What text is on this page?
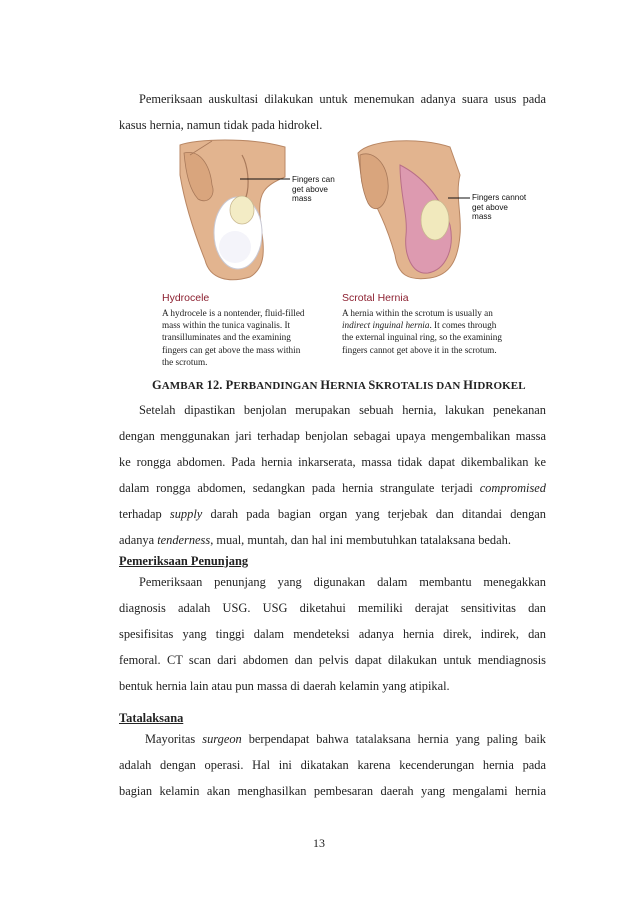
Pemeriksaan auskultasi dilakukan untuk menemukan adanya suara usus pada
kasus hernia, namun tidak pada hidrokel.
Fingers can
get above
mass	Fingers cannot
get above
mass
Hydrocele
A hydrocele is a nontender, fluid-filled
mass within the tunica vaginalis. It
transilluminates and the examining
fingers can get above the mass within
the scrotum.
Scrotal Hernia
A hernia within the scrotum is usually an
indirect inguinal hernia. It comes through
the external inguinal ring, so the examining
fingers cannot get above it in the scrotum.
GAMBAR 12. PERBANDINGAN HERNIA SKROTALIS DAN HIDROKEL
Setelah dipastikan benjolan merupakan sebuah hernia, lakukan penekanan
dengan menggunakan jari terhadap benjolan sebagai upaya mengembalikan massa
ke rongga abdomen. Pada hernia inkarserata, massa tidak dapat dikembalikan ke
dalam rongga abdomen, sedangkan pada hernia strangulate terjadi compromised
terhadap supply darah pada bagian organ yang terjebak dan ditandai dengan
adanya tenderness, mual, muntah, dan hal ini membutuhkan tatalaksana bedah.
Pemeriksaan Penunjang
Pemeriksaan penunjang yang digunakan dalam membantu menegakkan
diagnosis adalah USG. USG diketahui memiliki derajat sensitivitas dan
spesifisitas yang tinggi dalam mendeteksi adanya hernia direk, indirek, dan
femoral. CT scan dari abdomen dan pelvis dapat dilakukan untuk mendiagnosis
bentuk hernia lain atau pun massa di daerah kelamin yang atipikal.
Tatalaksana
Mayoritas surgeon berpendapat bahwa tatalaksana hernia yang paling baik
adalah dengan operasi. Hal ini dikatakan karena kecenderungan hernia pada
bagian kelamin akan menghasilkan pembesaran daerah yang mengalami hernia
13
